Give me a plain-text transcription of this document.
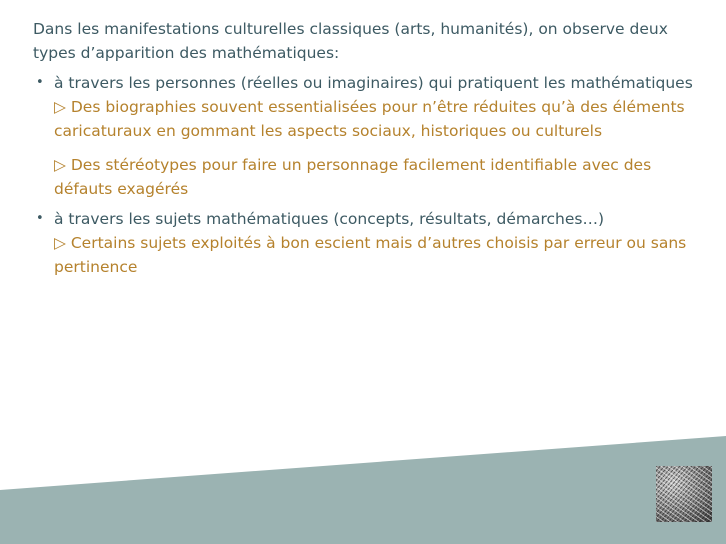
Dans les manifestations culturelles classiques (arts, humanités), on observe deux types d’apparition des mathématiques:

• à travers les personnes (réelles ou imaginaires) qui pratiquent les mathématiques
▷ Des biographies souvent essentialisées pour n’être réduites qu’à des éléments caricaturaux en gommant les aspects sociaux, historiques ou culturels
▷ Des stéréotypes pour faire un personnage facilement identifiable avec des défauts exagérés
• à travers les sujets mathématiques (concepts, résultats, démarches…)
▷ Certains sujets exploités à bon escient mais d’autres choisis par erreur ou sans pertinence
